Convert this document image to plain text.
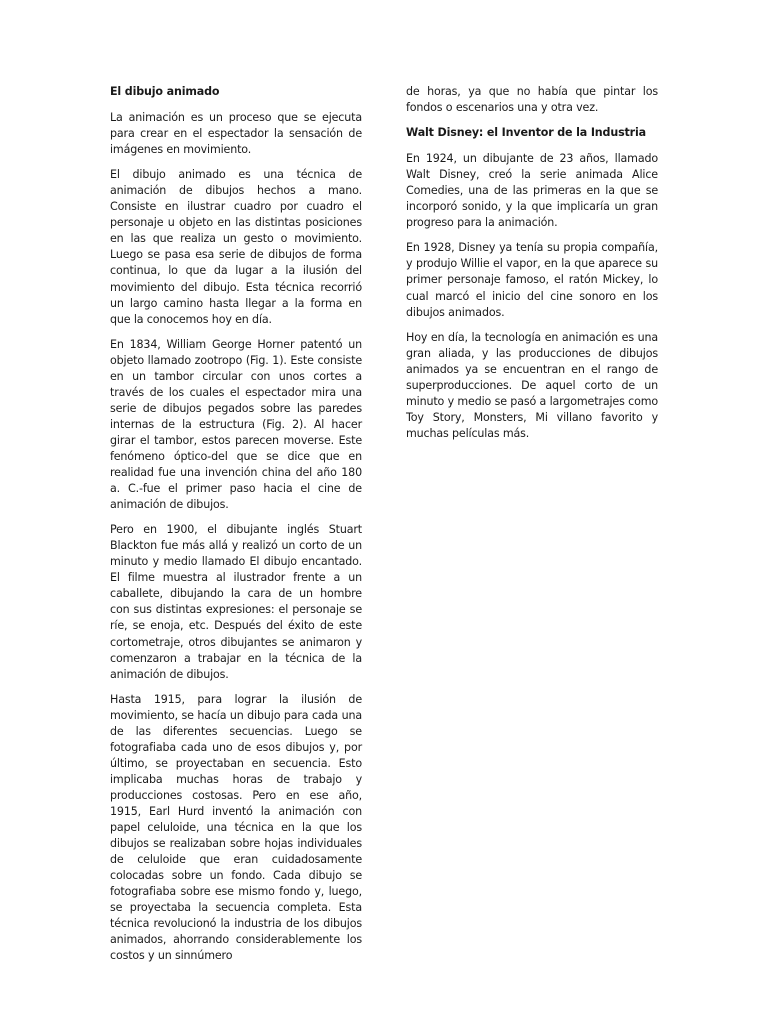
El dibujo animado

La animación es un proceso que se ejecuta para crear en el espectador la sensación de imágenes en movimiento.

El dibujo animado es una técnica de animación de dibujos hechos a mano. Consiste en ilustrar cuadro por cuadro el personaje u objeto en las distintas posiciones en las que realiza un gesto o movimiento. Luego se pasa esa serie de dibujos de forma continua, lo que da lugar a la ilusión del movimiento del dibujo. Esta técnica recorrió un largo camino hasta llegar a la forma en que la conocemos hoy en día.

En 1834, William George Horner patentó un objeto llamado zootropo (Fig. 1). Este consiste en un tambor circular con unos cortes a través de los cuales el espectador mira una serie de dibujos pegados sobre las paredes internas de la estructura (Fig. 2). Al hacer girar el tambor, estos parecen moverse. Este fenómeno óptico-del que se dice que en realidad fue una invención china del año 180 a. C.-fue el primer paso hacia el cine de animación de dibujos.

Pero en 1900, el dibujante inglés Stuart Blackton fue más allá y realizó un corto de un minuto y medio llamado El dibujo encantado. El filme muestra al ilustrador frente a un caballete, dibujando la cara de un hombre con sus distintas expresiones: el personaje se ríe, se enoja, etc. Después del éxito de este cortometraje, otros dibujantes se animaron y comenzaron a trabajar en la técnica de la animación de dibujos.

Hasta 1915, para lograr la ilusión de movimiento, se hacía un dibujo para cada una de las diferentes secuencias. Luego se fotografiaba cada uno de esos dibujos y, por último, se proyectaban en secuencia. Esto implicaba muchas horas de trabajo y producciones costosas. Pero en ese año, 1915, Earl Hurd inventó la animación con papel celuloide, una técnica en la que los dibujos se realizaban sobre hojas individuales de celuloide que eran cuidadosamente colocadas sobre un fondo. Cada dibujo se fotografiaba sobre ese mismo fondo y, luego, se proyectaba la secuencia completa. Esta técnica revolucionó la industria de los dibujos animados, ahorrando considerablemente los costos y un sinnúmero

de horas, ya que no había que pintar los fondos o escenarios una y otra vez.

Walt Disney: el Inventor de la Industria

En 1924, un dibujante de 23 años, llamado Walt Disney, creó la serie animada Alice Comedies, una de las primeras en la que se incorporó sonido, y la que implicaría un gran progreso para la animación.

En 1928, Disney ya tenía su propia compañía, y produjo Willie el vapor, en la que aparece su primer personaje famoso, el ratón Mickey, lo cual marcó el inicio del cine sonoro en los dibujos animados.

Hoy en día, la tecnología en animación es una gran aliada, y las producciones de dibujos animados ya se encuentran en el rango de superproducciones. De aquel corto de un minuto y medio se pasó a largometrajes como Toy Story, Monsters, Mi villano favorito y muchas películas más.
